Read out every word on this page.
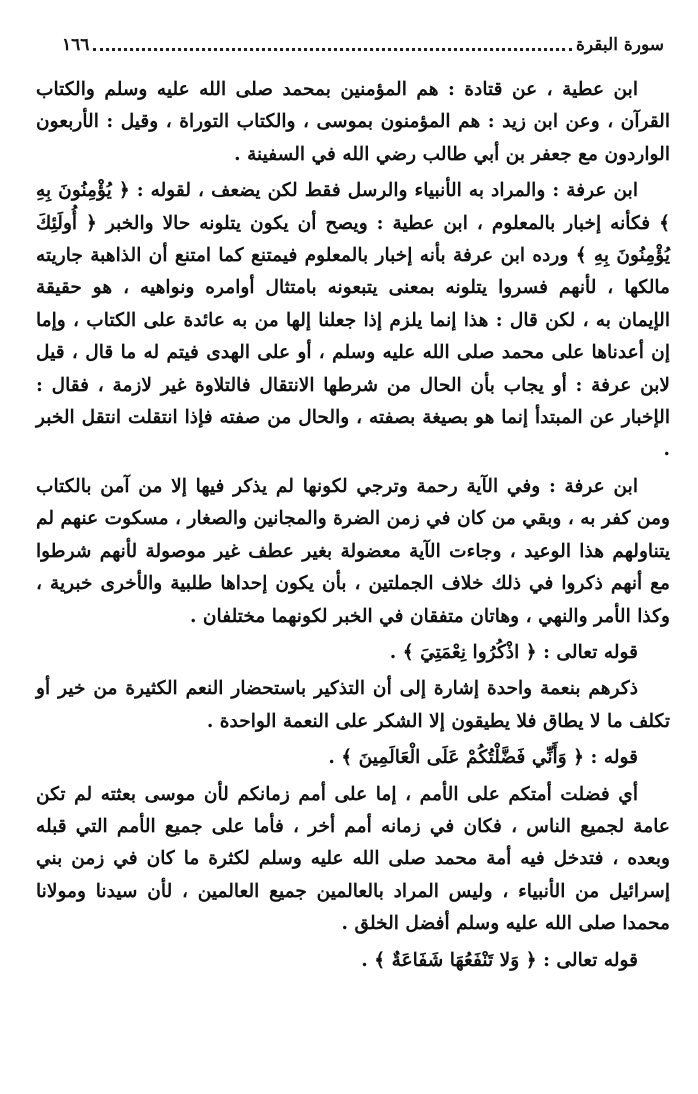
سورة البقرة
١٦٦

ابن عطية ، عن قتادة : هم المؤمنين بمحمد صلى الله عليه وسلم والكتاب القرآن ، وعن ابن زيد : هم المؤمنون بموسى ، والكتاب التوراة ، وقيل : الأربعون الواردون مع جعفر بن أبي طالب رضي الله في السفينة .

ابن عرفة : والمراد به الأنبياء والرسل فقط لكن يضعف ، لقوله : ﴿ يُؤْمِنُونَ بِهِ ﴾ فكأنه إخبار بالمعلوم ، ابن عطية : ويصح أن يكون يتلونه حالا والخبر ﴿ أُولَئِكَ يُؤْمِنُونَ بِهِ ﴾ ورده ابن عرفة بأنه إخبار بالمعلوم فيمتنع كما امتنع أن الذاهبة جاريته مالكها ، لأنهم فسروا يتلونه بمعنى يتبعونه بامتثال أوامره ونواهيه ، هو حقيقة الإيمان به ، لكن قال : هذا إنما يلزم إذا جعلنا إلها من به عائدة على الكتاب ، وإما إن أعدناها على محمد صلى الله عليه وسلم ، أو على الهدى فيتم له ما قال ، قيل لابن عرفة : أو يجاب بأن الحال من شرطها الانتقال فالتلاوة غير لازمة ، فقال : الإخبار عن المبتدأ إنما هو بصيغة بصفته ، والحال من صفته فإذا انتقلت انتقل الخبر .

ابن عرفة : وفي الآية رحمة وترجي لكونها لم يذكر فيها إلا من آمن بالكتاب ومن كفر به ، وبقي من كان في زمن الضرة والمجانين والصغار ، مسكوت عنهم لم يتناولهم هذا الوعيد ، وجاءت الآية معضولة بغير عطف غير موصولة لأنهم شرطوا مع أنهم ذكروا في ذلك خلاف الجملتين ، بأن يكون إحداها طلبية والأخرى خبرية ، وكذا الأمر والنهي ، وهاتان متفقان في الخبر لكونهما مختلفان .

قوله تعالى : ﴿ اذْكُرُوا نِعْمَتِيَ ﴾ .

ذكرهم بنعمة واحدة إشارة إلى أن التذكير باستحضار النعم الكثيرة من خير أو تكلف ما لا يطاق فلا يطيقون إلا الشكر على النعمة الواحدة .

قوله : ﴿ وَأَنِّي فَضَّلْتُكُمْ عَلَى الْعَالَمِينَ ﴾ .

أي فضلت أمتكم على الأمم ، إما على أمم زمانكم لأن موسى بعثته لم تكن عامة لجميع الناس ، فكان في زمانه أمم أخر ، فأما على جميع الأمم التي قبله وبعده ، فتدخل فيه أمة محمد صلى الله عليه وسلم لكثرة ما كان في زمن بني إسرائيل من الأنبياء ، وليس المراد بالعالمين جميع العالمين ، لأن سيدنا ومولانا محمدا صلى الله عليه وسلم أفضل الخلق .

قوله تعالى : ﴿ وَلا تَنْفَعُهَا شَفَاعَةٌ ﴾ .
